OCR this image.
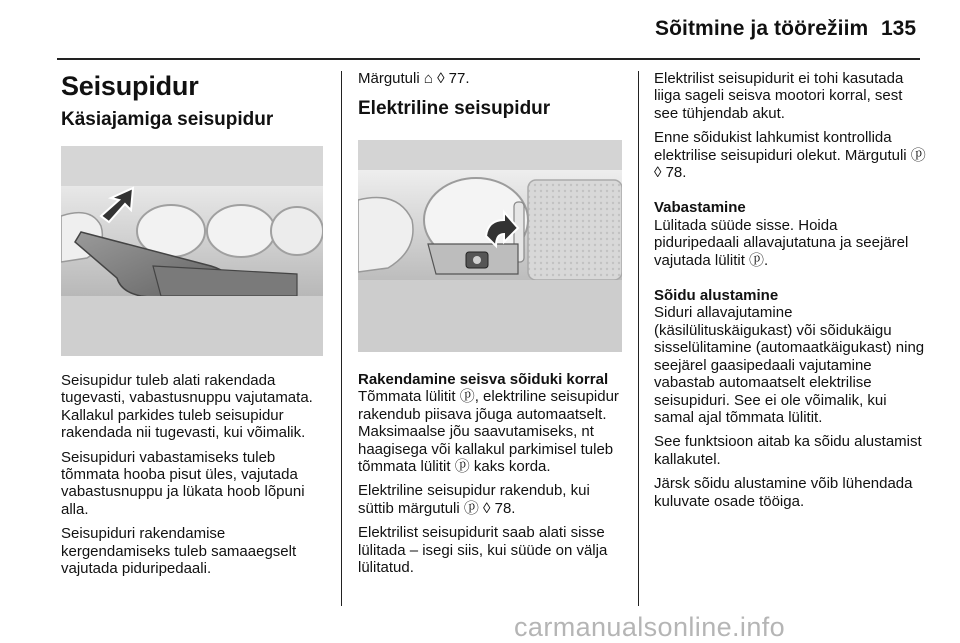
Sõitmine ja töörežiim 135
Seisupidur
Käsiajamiga seisupidur

Seisupidur tuleb alati rakendada tugevasti, vabastusnuppu vajutamata. Kallakul parkides tuleb seisupidur rakendada nii tugevasti, kui võimalik.

Seisupiduri vabastamiseks tuleb tõmmata hooba pisut üles, vajutada vabastusnuppu ja lükata hoob lõpuni alla.

Seisupiduri rakendamise kergendamiseks tuleb samaaegselt vajutada piduripedaali.

Märgutuli ⌂ ◊ 77.

Elektriline seisupidur

Rakendamine seisva sõiduki korral

Tõmmata lülitit ⓟ, elektriline seisupidur rakendub piisava jõuga automaatselt. Maksimaalse jõu saavutamiseks, nt haagisega või kallakul parkimisel tuleb tõmmata lülitit ⓟ kaks korda.

Elektriline seisupidur rakendub, kui süttib märgutuli ⓟ ◊ 78.

Elektrilist seisupidurit saab alati sisse lülitada – isegi siis, kui süüde on välja lülitatud.

Elektrilist seisupidurit ei tohi kasutada liiga sageli seisva mootori korral, sest see tühjendab akut.

Enne sõidukist lahkumist kontrollida elektrilise seisupiduri olekut. Märgutuli ⓟ ◊ 78.

Vabastamine

Lülitada süüde sisse. Hoida piduripedaali allavajutatuna ja seejärel vajutada lülitit ⓟ.

Sõidu alustamine

Siduri allavajutamine (käsilülituskäigukast) või sõidukäigu sisselülitamine (automaatkäigukast) ning seejärel gaasipedaali vajutamine vabastab automaatselt elektrilise seisupiduri. See ei ole võimalik, kui samal ajal tõmmata lülitit.

See funktsioon aitab ka sõidu alustamist kallakutel.

Järsk sõidu alustamine võib lühendada kuluvate osade tööiga.

carmanualsonline.info
